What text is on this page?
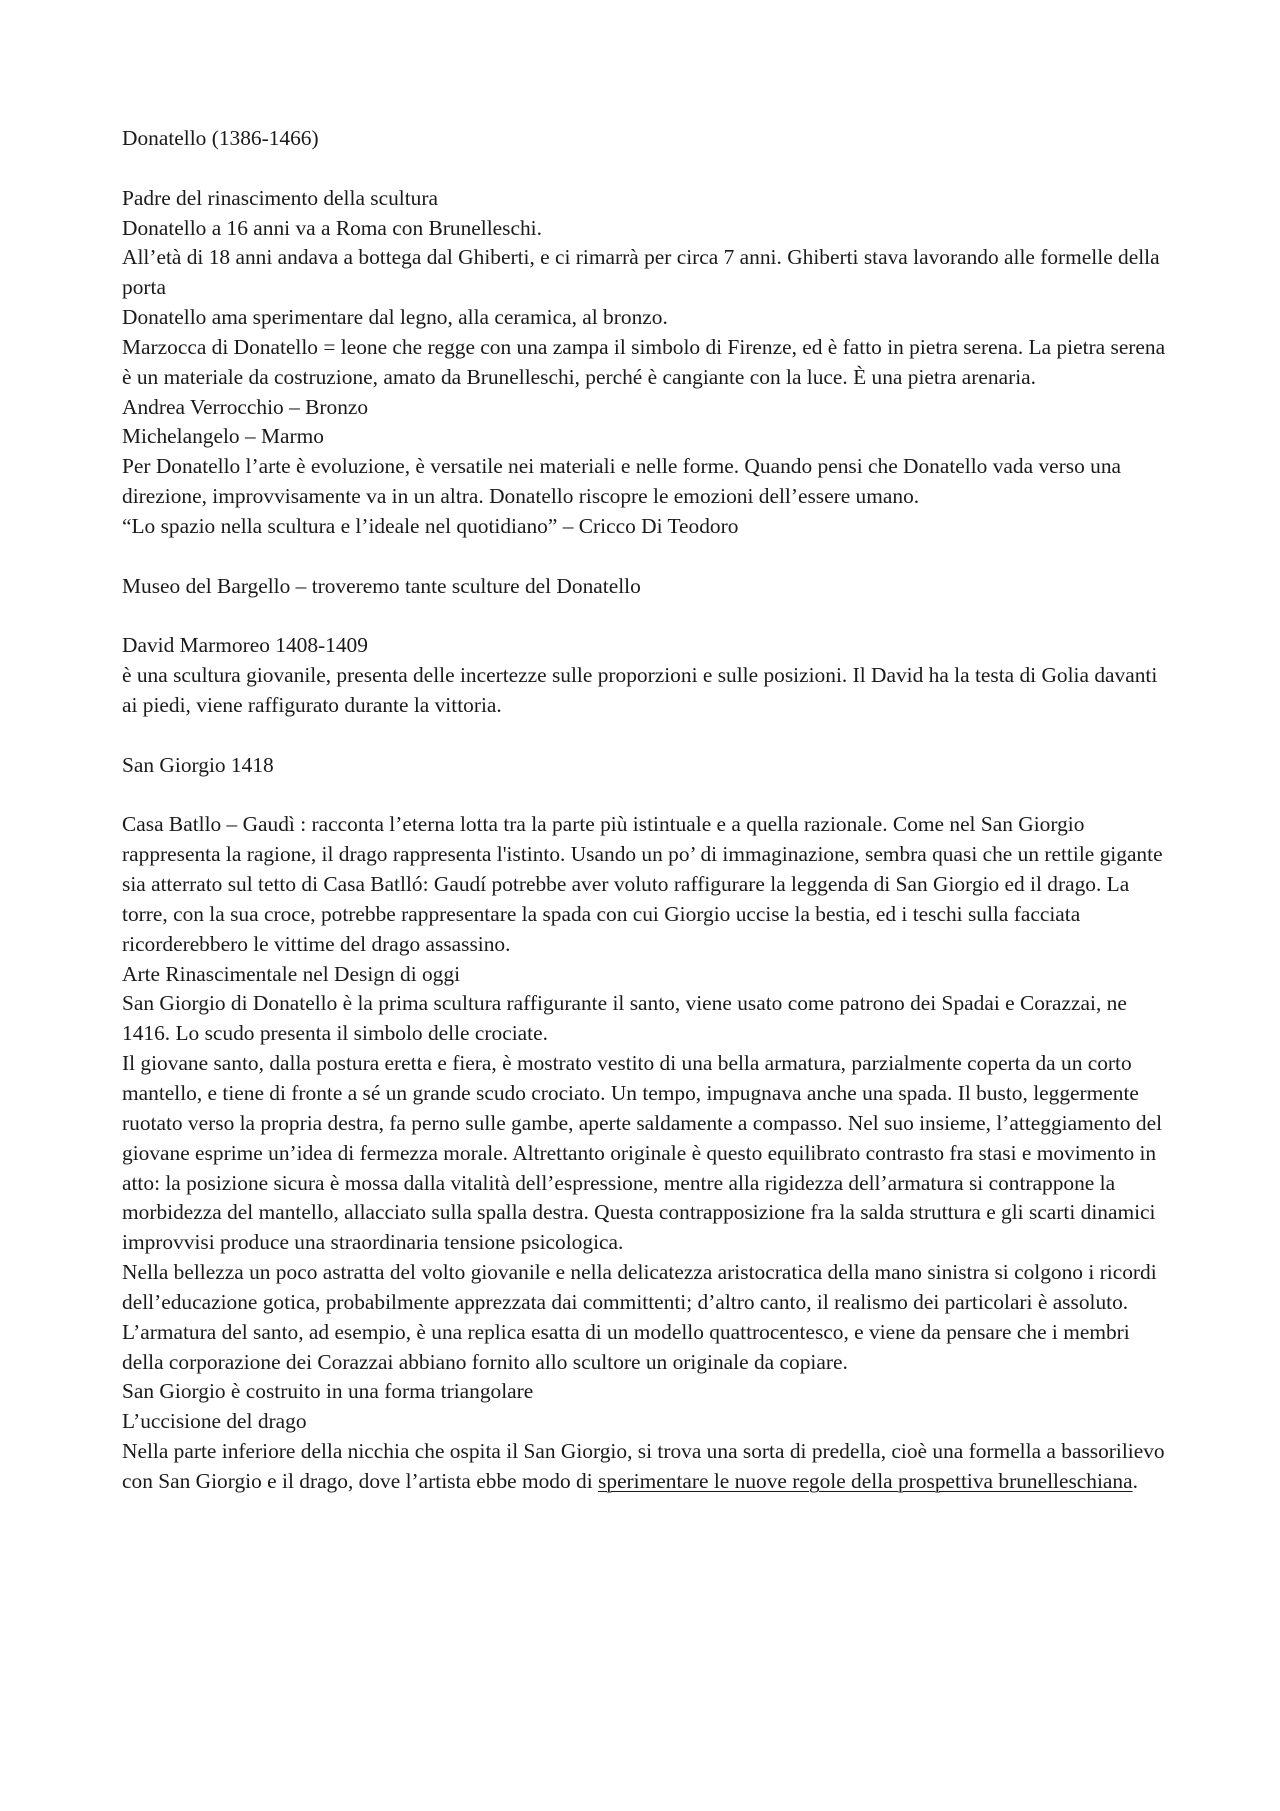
Donatello (1386-1466)

Padre del rinascimento della scultura

Donatello a 16 anni va a Roma con Brunelleschi.

All’età di 18 anni andava a bottega dal Ghiberti, e ci rimarrà per circa 7 anni. Ghiberti stava lavorando alle formelle della porta

Donatello ama sperimentare dal legno, alla ceramica, al bronzo.

Marzocca di Donatello = leone che regge con una zampa il simbolo di Firenze, ed è fatto in pietra serena. La pietra serena è un materiale da costruzione, amato da Brunelleschi, perché è cangiante con la luce. È una pietra arenaria.

Andrea Verrocchio – Bronzo

Michelangelo – Marmo

Per Donatello l’arte è evoluzione, è versatile nei materiali e nelle forme. Quando pensi che Donatello vada verso una direzione, improvvisamente va in un altra. Donatello riscopre le emozioni dell’essere umano.

“Lo spazio nella scultura e l’ideale nel quotidiano” – Cricco Di Teodoro

Museo del Bargello – troveremo tante sculture del Donatello

David Marmoreo 1408-1409

è una scultura giovanile, presenta delle incertezze sulle proporzioni e sulle posizioni. Il David ha la testa di Golia davanti ai piedi, viene raffigurato durante la vittoria.

San Giorgio 1418

Casa Batllo – Gaudì : racconta l’eterna lotta tra la parte più istintuale e a quella razionale. Come nel San Giorgio rappresenta la ragione, il drago rappresenta l'istinto. Usando un po’ di immaginazione, sembra quasi che un rettile gigante sia atterrato sul tetto di Casa Batlló: Gaudí potrebbe aver voluto raffigurare la leggenda di San Giorgio ed il drago. La torre, con la sua croce, potrebbe rappresentare la spada con cui Giorgio uccise la bestia, ed i teschi sulla facciata ricorderebbero le vittime del drago assassino.

Arte Rinascimentale nel Design di oggi

San Giorgio di Donatello è la prima scultura raffigurante il santo, viene usato come patrono dei Spadai e Corazzai, ne 1416. Lo scudo presenta il simbolo delle crociate.

Il giovane santo, dalla postura eretta e fiera, è mostrato vestito di una bella armatura, parzialmente coperta da un corto mantello, e tiene di fronte a sé un grande scudo crociato. Un tempo, impugnava anche una spada. Il busto, leggermente ruotato verso la propria destra, fa perno sulle gambe, aperte saldamente a compasso. Nel suo insieme, l’atteggiamento del giovane esprime un’idea di fermezza morale. Altrettanto originale è questo equilibrato contrasto fra stasi e movimento in atto: la posizione sicura è mossa dalla vitalità dell’espressione, mentre alla rigidezza dell’armatura si contrappone la morbidezza del mantello, allacciato sulla spalla destra. Questa contrapposizione fra la salda struttura e gli scarti dinamici improvvisi produce una straordinaria tensione psicologica.

Nella bellezza un poco astratta del volto giovanile e nella delicatezza aristocratica della mano sinistra si colgono i ricordi dell’educazione gotica, probabilmente apprezzata dai committenti; d’altro canto, il realismo dei particolari è assoluto. L’armatura del santo, ad esempio, è una replica esatta di un modello quattrocentesco, e viene da pensare che i membri della corporazione dei Corazzai abbiano fornito allo scultore un originale da copiare.

San Giorgio è costruito in una forma triangolare

L’uccisione del drago

Nella parte inferiore della nicchia che ospita il San Giorgio, si trova una sorta di predella, cioè una formella a bassorilievo con San Giorgio e il drago, dove l’artista ebbe modo di sperimentare le nuove regole della prospettiva brunelleschiana.
